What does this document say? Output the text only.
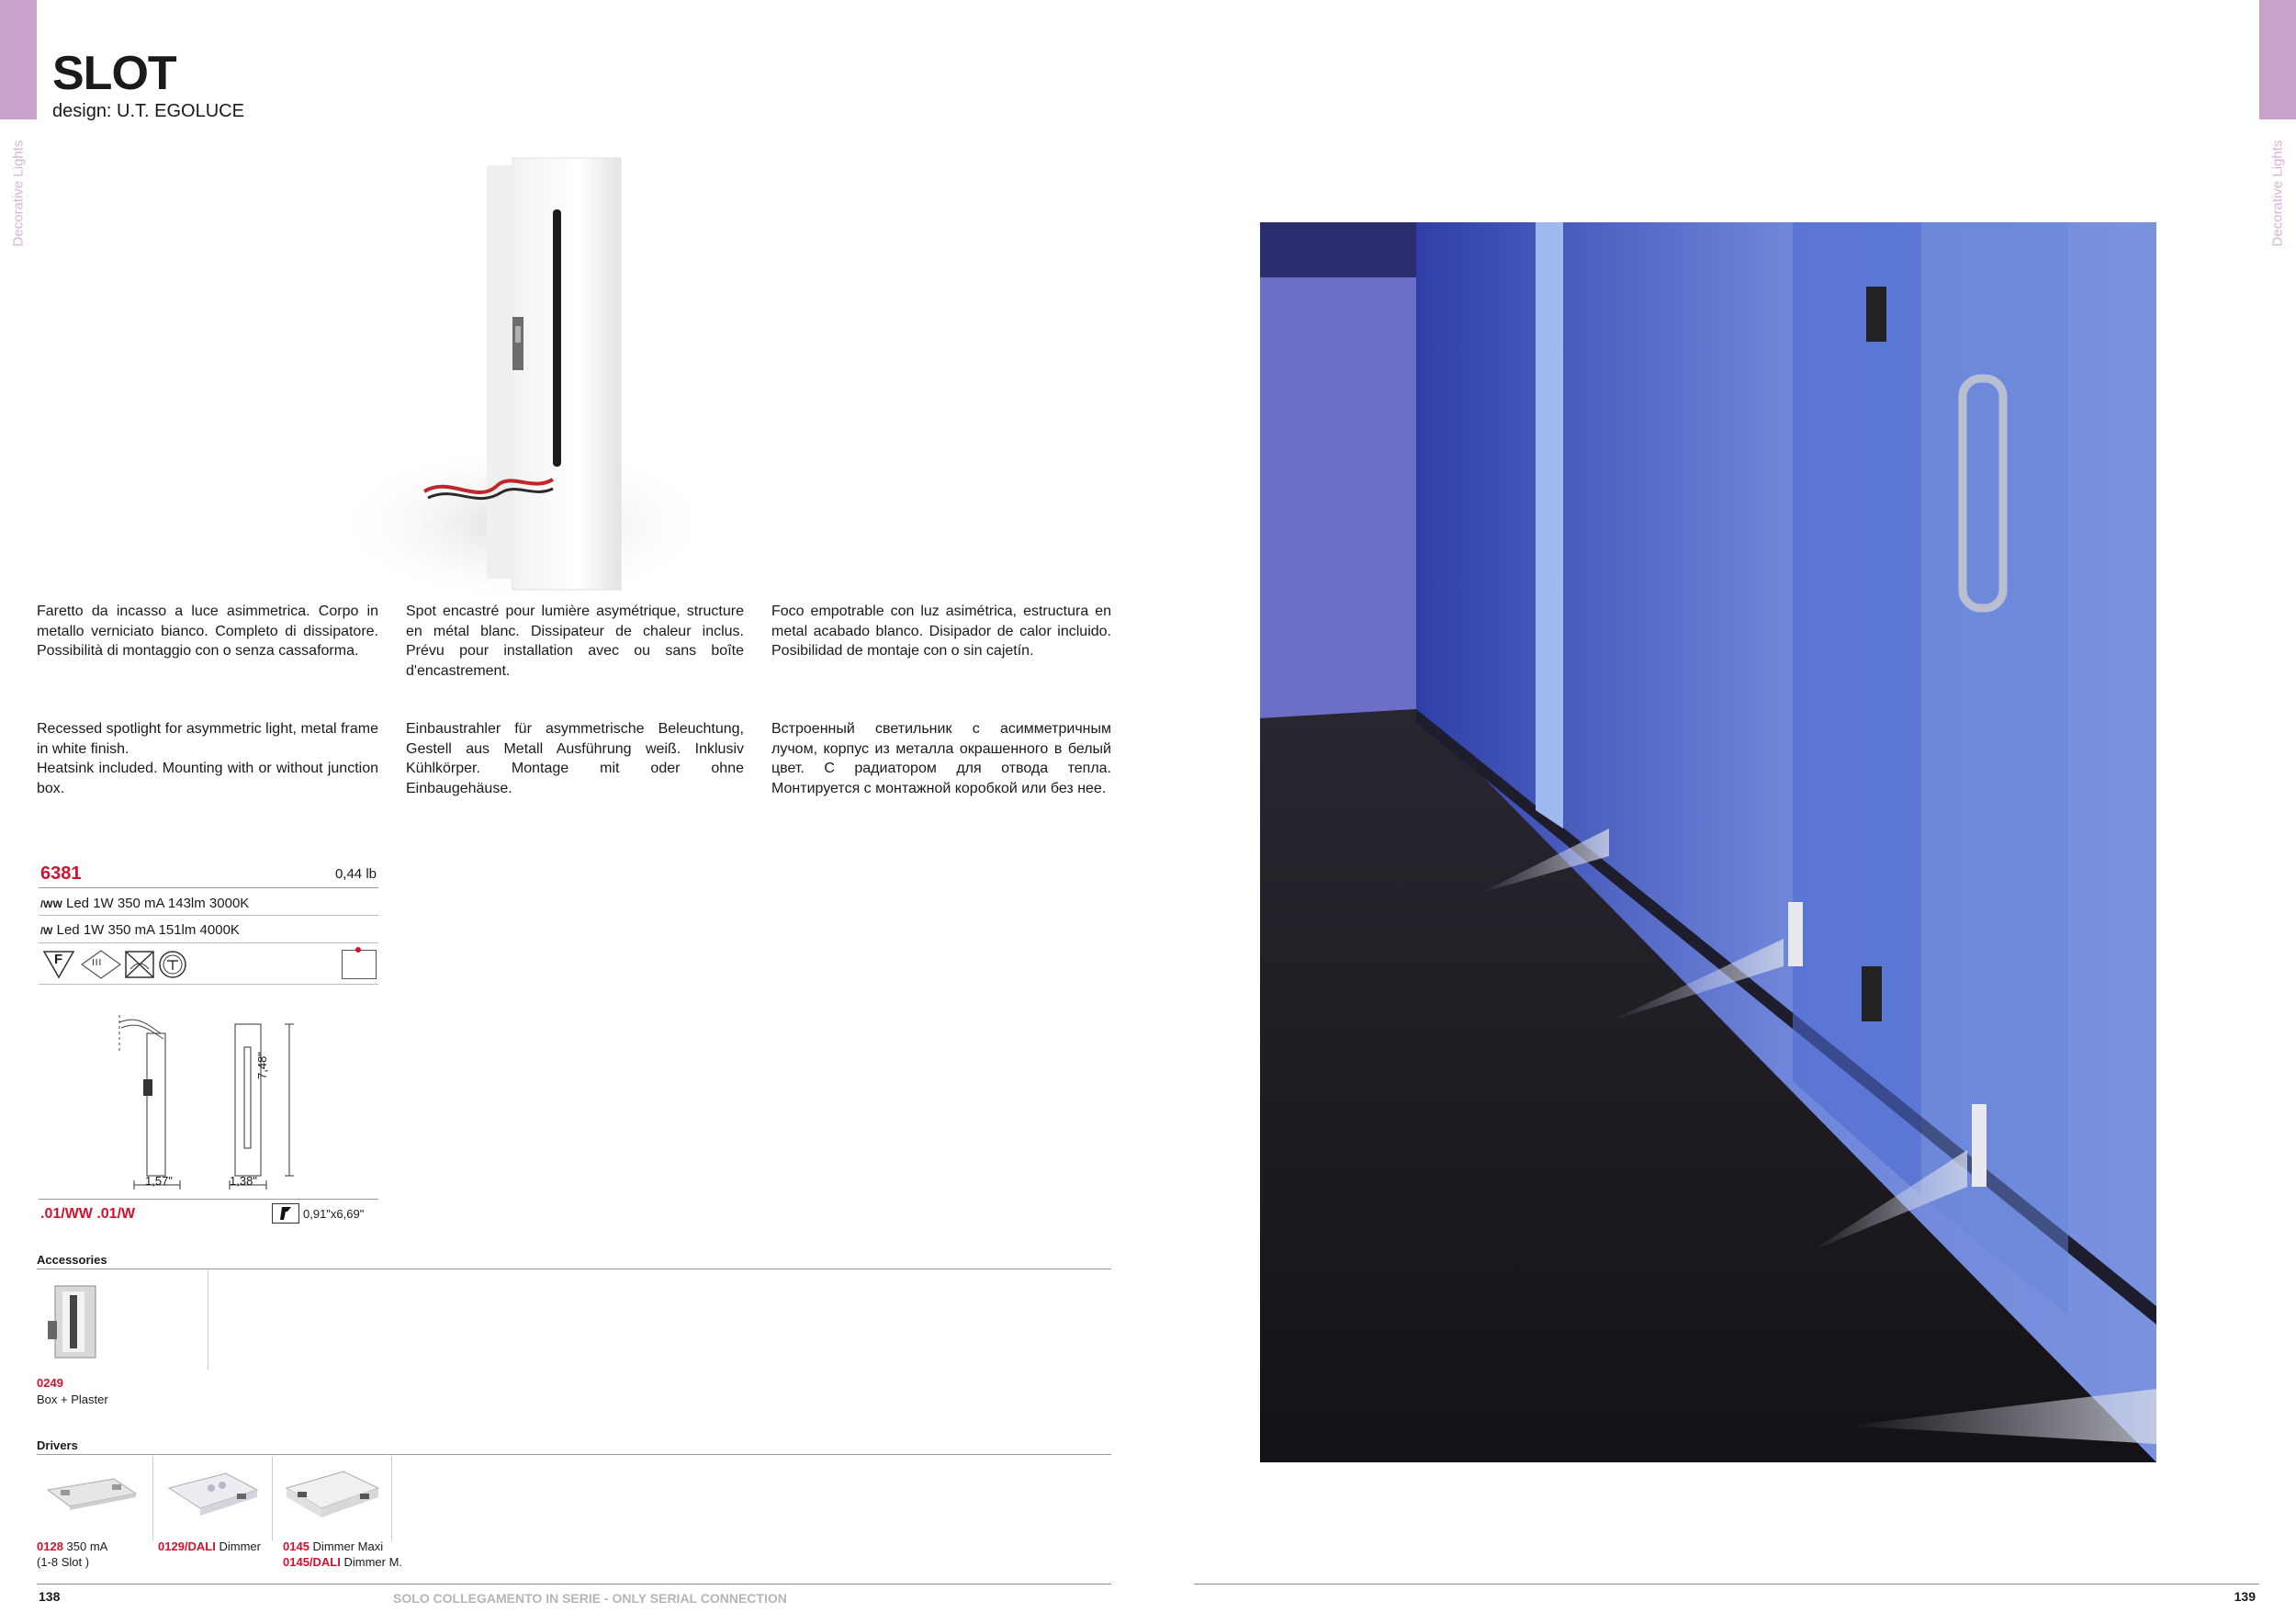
Decorative Lights	Decorative Lights
SLOT
design: U.T. EGOLUCE
Faretto da incasso a luce asimmetrica. Corpo in metallo verniciato bianco. Completo di dissipatore. Possibilità di montaggio con o senza cassaforma.
Spot encastré pour lumière asymétrique, structure en métal blanc. Dissipateur de chaleur inclus. Prévu pour installation avec ou sans boîte d'encastrement.
Foco empotrable con luz asimétrica, estructura en metal acabado blanco. Disipador de calor incluido. Posibilidad de montaje con o sin cajetín.
Recessed spotlight for asymmetric light, metal frame in white finish.
Heatsink included. Mounting with or without junction box.
Einbaustrahler für asymmetrische Beleuchtung, Gestell aus Metall Ausführung weiß. Inklusiv Kühlkörper. Montage mit oder ohne Einbaugehäuse.
Встроенный светильник с асимметричным лучом, корпус из металла окрашенного в белый цвет. С радиатором для отвода тепла. Монтируется с монтажной коробкой или без нее.
6381	0,44 lb
/WW Led 1W 350 mA 143lm 3000K
/W Led 1W 350 mA 151lm 4000K
F	III
1,57"	1,38"
7,48"
.01/WW .01/W	0,91"x6,69"
Accessories
0249
Box + Plaster
Drivers
0128 350 mA
(1-8 Slot )
0129/DALI Dimmer 0145 Dimmer Maxi
0145/DALI Dimmer M.
138	SOLO COLLEGAMENTO IN SERIE - ONLY SERIAL CONNECTION	139
